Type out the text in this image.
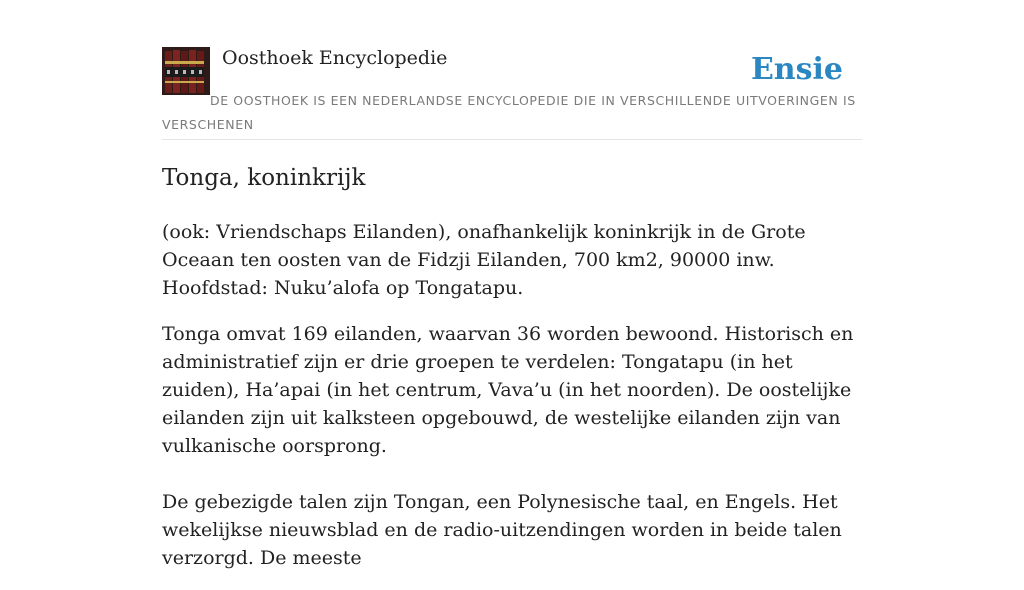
Oosthoek Encyclopedie	Ensie
DE OOSTHOEK IS EEN NEDERLANDSE ENCYCLOPEDIE DIE IN VERSCHILLENDE UITVOERINGEN IS VERSCHENEN
Tonga, koninkrijk

(ook: Vriendschaps Eilanden), onafhankelijk koninkrijk in de Grote Oceaan ten oosten van de Fidzji Eilanden, 700 km2, 90000 inw. Hoofdstad: Nuku’alofa op Tongatapu.

Tonga omvat 169 eilanden, waarvan 36 worden bewoond. Historisch en administratief zijn er drie groepen te verdelen: Tongatapu (in het zuiden), Ha’apai (in het centrum, Vava’u (in het noorden). De oostelijke eilanden zijn uit kalksteen opgebouwd, de westelijke eilanden zijn van vulkanische oorsprong.

De gebezigde talen zijn Tongan, een Polynesische taal, en Engels. Het wekelijkse nieuwsblad en de radio-uitzendingen worden in beide talen verzorgd. De meeste
